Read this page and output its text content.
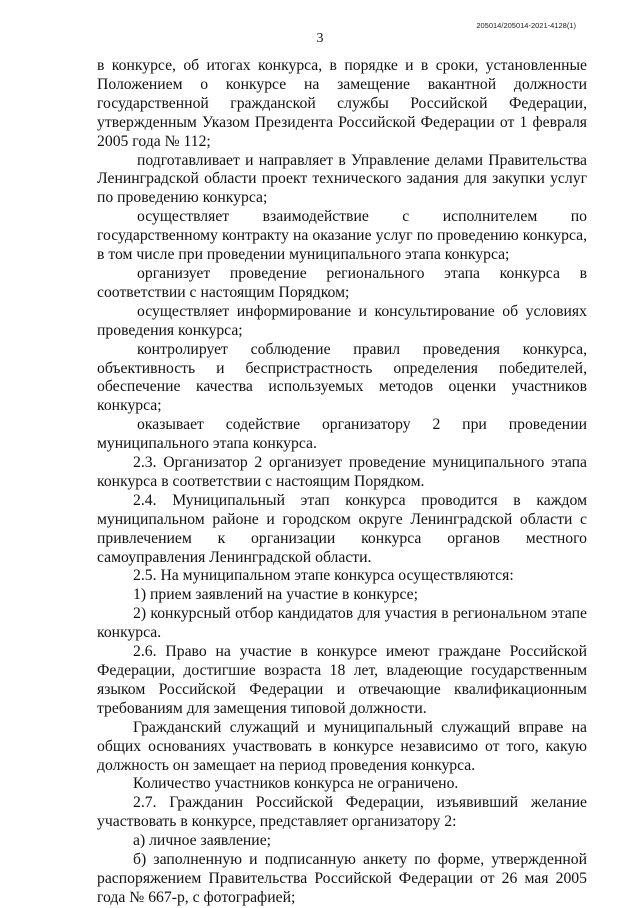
205014/205014-2021-4128(1)
3

в конкурсе, об итогах конкурса, в порядке и в сроки, установленные Положением о конкурсе на замещение вакантной должности государственной гражданской службы Российской Федерации, утвержденным Указом Президента Российской Федерации от 1 февраля 2005 года № 112;

подготавливает и направляет в Управление делами Правительства Ленинградской области проект технического задания для закупки услуг по проведению конкурса;

осуществляет взаимодействие с исполнителем по государственному контракту на оказание услуг по проведению конкурса, в том числе при проведении муниципального этапа конкурса;

организует проведение регионального этапа конкурса в соответствии с настоящим Порядком;

осуществляет информирование и консультирование об условиях проведения конкурса;

контролирует соблюдение правил проведения конкурса, объективность и беспристрастность определения победителей, обеспечение качества используемых методов оценки участников конкурса;

оказывает содействие организатору 2 при проведении муниципального этапа конкурса.

2.3. Организатор 2 организует проведение муниципального этапа конкурса в соответствии с настоящим Порядком.

2.4. Муниципальный этап конкурса проводится в каждом муниципальном районе и городском округе Ленинградской области с привлечением к организации конкурса органов местного самоуправления Ленинградской области.

2.5. На муниципальном этапе конкурса осуществляются:

1) прием заявлений на участие в конкурсе;

2) конкурсный отбор кандидатов для участия в региональном этапе конкурса.

2.6. Право на участие в конкурсе имеют граждане Российской Федерации, достигшие возраста 18 лет, владеющие государственным языком Российской Федерации и отвечающие квалификационным требованиям для замещения типовой должности.

Гражданский служащий и муниципальный служащий вправе на общих основаниях участвовать в конкурсе независимо от того, какую должность он замещает на период проведения конкурса.

Количество участников конкурса не ограничено.

2.7. Гражданин Российской Федерации, изъявивший желание участвовать в конкурсе, представляет организатору 2:

а) личное заявление;

б) заполненную и подписанную анкету по форме, утвержденной распоряжением Правительства Российской Федерации от 26 мая 2005 года № 667-р, с фотографией;
